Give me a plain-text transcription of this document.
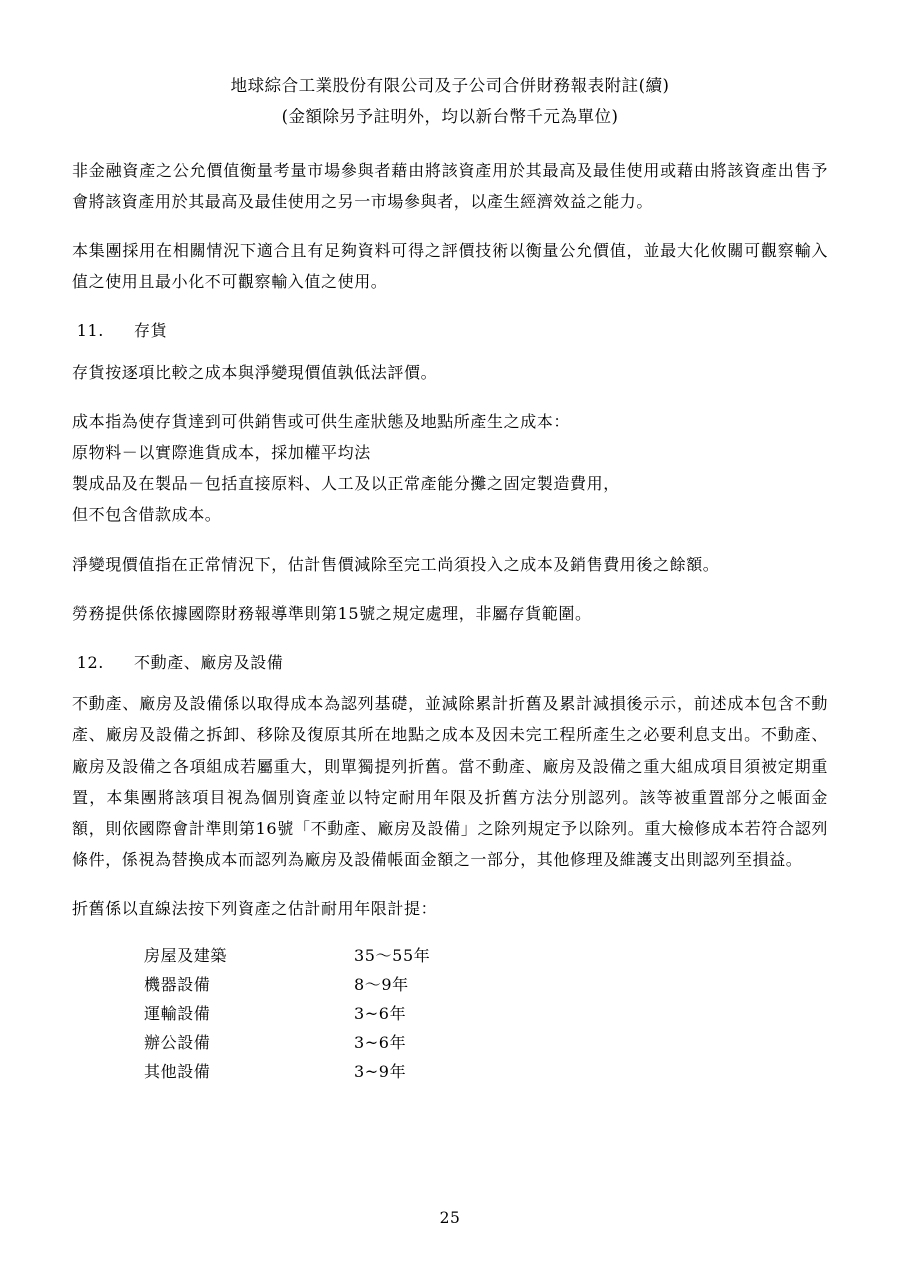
地球綜合工業股份有限公司及子公司合併財務報表附註(續)
(金額除另予註明外，均以新台幣千元為單位)

非金融資產之公允價值衡量考量市場參與者藉由將該資產用於其最高及最佳使用或藉由將該資產出售予會將該資產用於其最高及最佳使用之另一市場參與者，以產生經濟效益之能力。

本集團採用在相關情況下適合且有足夠資料可得之評價技術以衡量公允價值，並最大化攸關可觀察輸入值之使用且最小化不可觀察輸入值之使用。

11.	存貨

存貨按逐項比較之成本與淨變現價值孰低法評價。

成本指為使存貨達到可供銷售或可供生產狀態及地點所產生之成本：
原物料－以實際進貨成本，採加權平均法
製成品及在製品－包括直接原料、人工及以正常產能分攤之固定製造費用，
但不包含借款成本。

淨變現價值指在正常情況下，估計售價減除至完工尚須投入之成本及銷售費用後之餘額。

勞務提供係依據國際財務報導準則第15號之規定處理，非屬存貨範圍。

12.	不動產、廠房及設備

不動產、廠房及設備係以取得成本為認列基礎，並減除累計折舊及累計減損後示示，前述成本包含不動產、廠房及設備之拆卸、移除及復原其所在地點之成本及因未完工程所產生之必要利息支出。不動產、廠房及設備之各項組成若屬重大，則單獨提列折舊。當不動產、廠房及設備之重大組成項目須被定期重置，本集團將該項目視為個別資產並以特定耐用年限及折舊方法分別認列。該等被重置部分之帳面金額，則依國際會計準則第16號「不動產、廠房及設備」之除列規定予以除列。重大檢修成本若符合認列條件，係視為替換成本而認列為廠房及設備帳面金額之一部分，其他修理及維護支出則認列至損益。

折舊係以直線法按下列資產之估計耐用年限計提：

房屋及建築	35～55年
機器設備	8～9年
運輸設備	3~6年
辦公設備	3~6年
其他設備	3~9年
25
